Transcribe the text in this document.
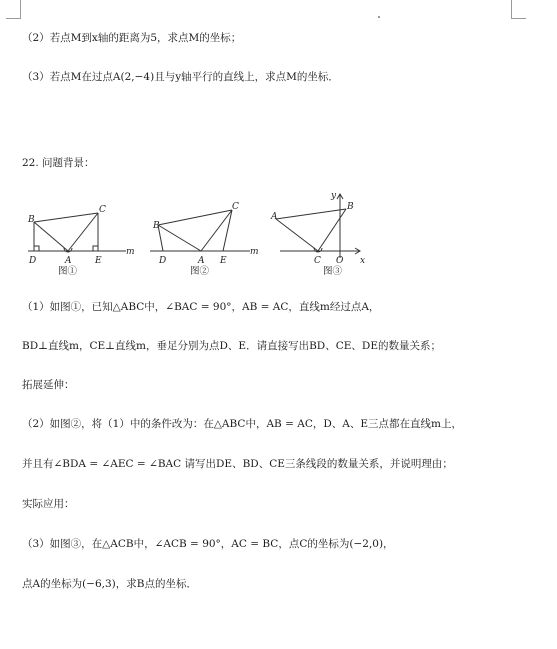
（2）若点M到x轴的距离为5，求点M的坐标；
（3）若点M在过点A(2,−4)且与y轴平行的直线上，求点M的坐标．
22. 问题背景：
B
C
D	A	E
m
B
C
D	A E
m
A
B
C O x
y
图①	图②	图③
（1）如图①，已知△ABC中，∠BAC = 90°，AB = AC，直线m经过点A，
BD⊥直线m，CE⊥直线m，垂足分别为点D、E．请直接写出BD、CE、DE的数量关系；
拓展延伸：
（2）如图②，将（1）中的条件改为：在△ABC中，AB = AC，D、A、E三点都在直线m上，
并且有∠BDA = ∠AEC = ∠BAC 请写出DE、BD、CE三条线段的数量关系，并说明理由；
实际应用：
（3）如图③，在△ACB中，∠ACB = 90°，AC = BC，点C的坐标为(−2,0)，
点A的坐标为(−6,3)，求B点的坐标．
